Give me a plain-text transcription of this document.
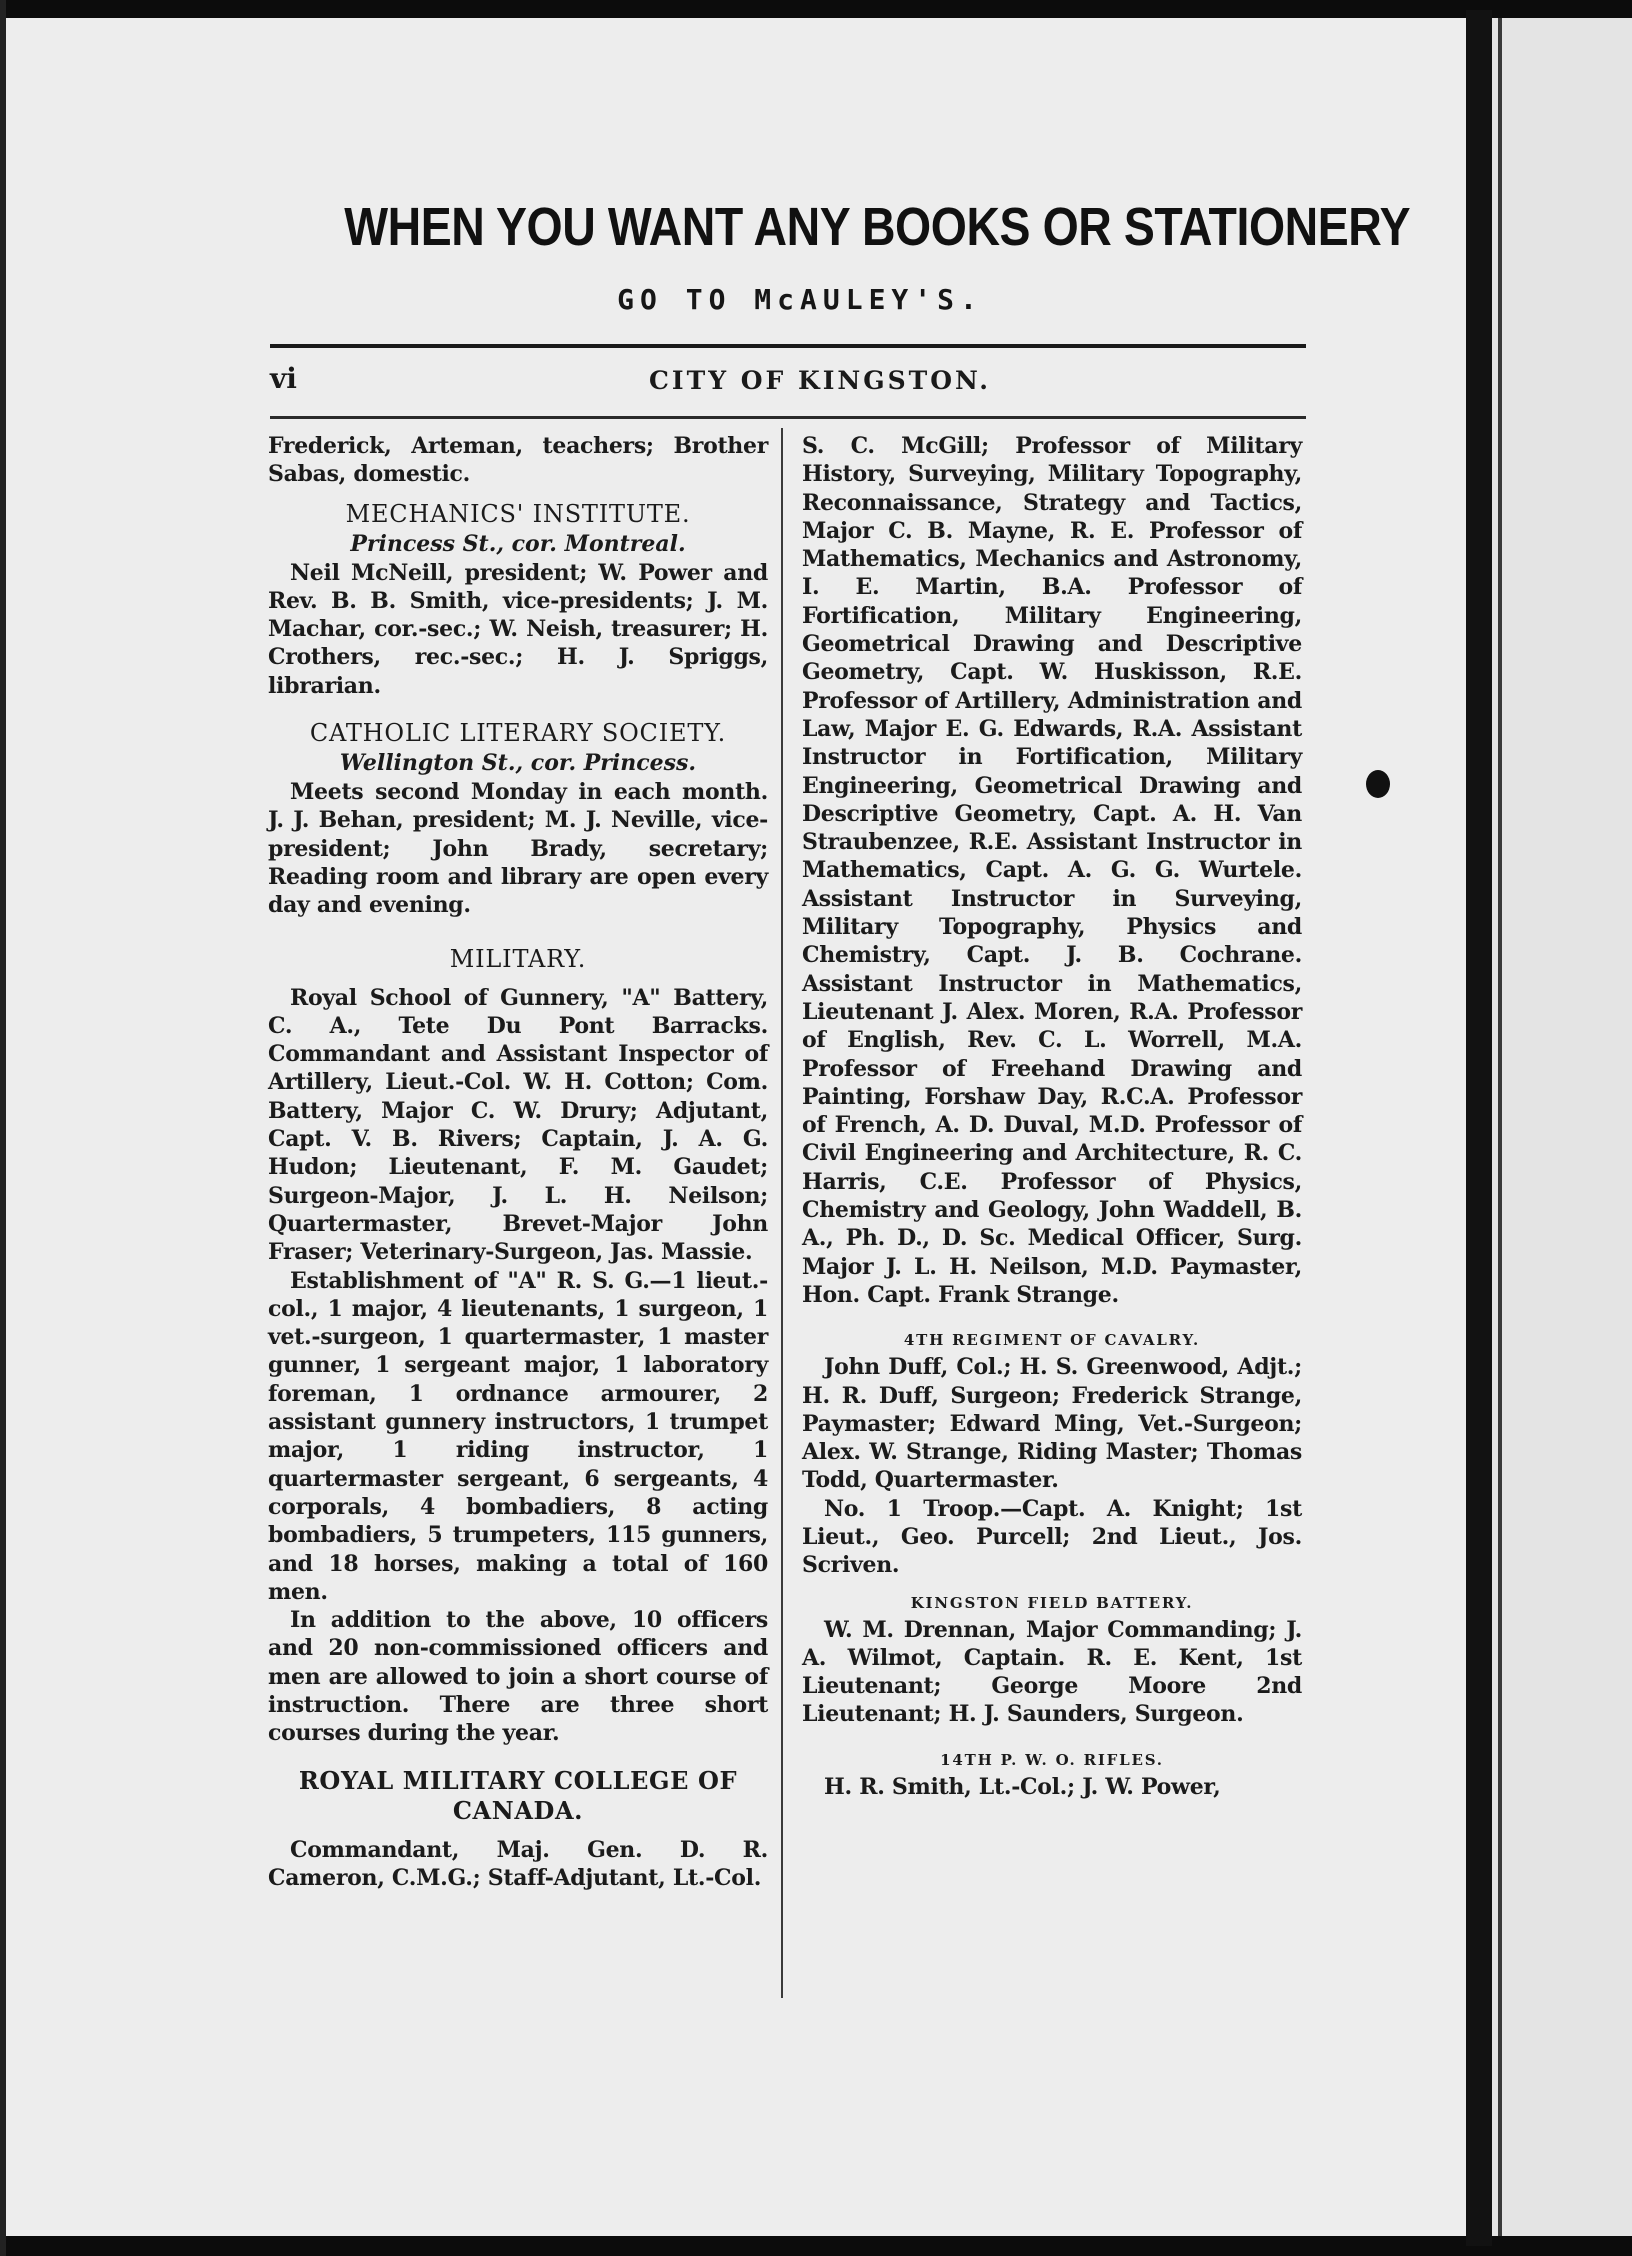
WHEN YOU WANT ANY BOOKS OR STATIONERY
GO TO McAULEY'S.
vi	CITY OF KINGSTON.

Frederick, Arteman, teachers; Brother Sabas, domestic.

MECHANICS' INSTITUTE.

Princess St., cor. Montreal.

Neil McNeill, president; W. Power and Rev. B. B. Smith, vice-presidents; J. M. Machar, cor.-sec.; W. Neish, treasurer; H. Crothers, rec.-sec.; H. J. Spriggs, librarian.

CATHOLIC LITERARY SOCIETY.

Wellington St., cor. Princess.

Meets second Monday in each month. J. J. Behan, president; M. J. Neville, vice-president; John Brady, secretary; Reading room and library are open every day and evening.

MILITARY.

Royal School of Gunnery, "A" Battery, C. A., Tete Du Pont Barracks. Commandant and Assistant Inspector of Artillery, Lieut.-Col. W. H. Cotton; Com. Battery, Major C. W. Drury; Adjutant, Capt. V. B. Rivers; Captain, J. A. G. Hudon; Lieutenant, F. M. Gaudet; Surgeon-Major, J. L. H. Neilson; Quartermaster, Brevet-Major John Fraser; Veterinary-Surgeon, Jas. Massie.

Establishment of "A" R. S. G.—1 lieut.-col., 1 major, 4 lieutenants, 1 surgeon, 1 vet.-surgeon, 1 quartermaster, 1 master gunner, 1 sergeant major, 1 laboratory foreman, 1 ordnance armourer, 2 assistant gunnery instructors, 1 trumpet major, 1 riding instructor, 1 quartermaster sergeant, 6 sergeants, 4 corporals, 4 bombadiers, 8 acting bombadiers, 5 trumpeters, 115 gunners, and 18 horses, making a total of 160 men.

In addition to the above, 10 officers and 20 non-commissioned officers and men are allowed to join a short course of instruction. There are three short courses during the year.

ROYAL MILITARY COLLEGE OF CANADA.

Commandant, Maj. Gen. D. R. Cameron, C.M.G.; Staff-Adjutant, Lt.-Col.

S. C. McGill; Professor of Military History, Surveying, Military Topography, Reconnaissance, Strategy and Tactics, Major C. B. Mayne, R. E. Professor of Mathematics, Mechanics and Astronomy, I. E. Martin, B.A. Professor of Fortification, Military Engineering, Geometrical Drawing and Descriptive Geometry, Capt. W. Huskisson, R.E. Professor of Artillery, Administration and Law, Major E. G. Edwards, R.A. Assistant Instructor in Fortification, Military Engineering, Geometrical Drawing and Descriptive Geometry, Capt. A. H. Van Straubenzee, R.E. Assistant Instructor in Mathematics, Capt. A. G. G. Wurtele. Assistant Instructor in Surveying, Military Topography, Physics and Chemistry, Capt. J. B. Cochrane. Assistant Instructor in Mathematics, Lieutenant J. Alex. Moren, R.A. Professor of English, Rev. C. L. Worrell, M.A. Professor of Freehand Drawing and Painting, Forshaw Day, R.C.A. Professor of French, A. D. Duval, M.D. Professor of Civil Engineering and Architecture, R. C. Harris, C.E. Professor of Physics, Chemistry and Geology, John Waddell, B. A., Ph. D., D. Sc. Medical Officer, Surg. Major J. L. H. Neilson, M.D. Paymaster, Hon. Capt. Frank Strange.

4TH REGIMENT OF CAVALRY.

John Duff, Col.; H. S. Greenwood, Adjt.; H. R. Duff, Surgeon; Frederick Strange, Paymaster; Edward Ming, Vet.-Surgeon; Alex. W. Strange, Riding Master; Thomas Todd, Quartermaster.

No. 1 Troop.—Capt. A. Knight; 1st Lieut., Geo. Purcell; 2nd Lieut., Jos. Scriven.

KINGSTON FIELD BATTERY.

W. M. Drennan, Major Commanding; J. A. Wilmot, Captain. R. E. Kent, 1st Lieutenant; George Moore 2nd Lieutenant; H. J. Saunders, Surgeon.

14TH P. W. O. RIFLES.

H. R. Smith, Lt.-Col.; J. W. Power,
